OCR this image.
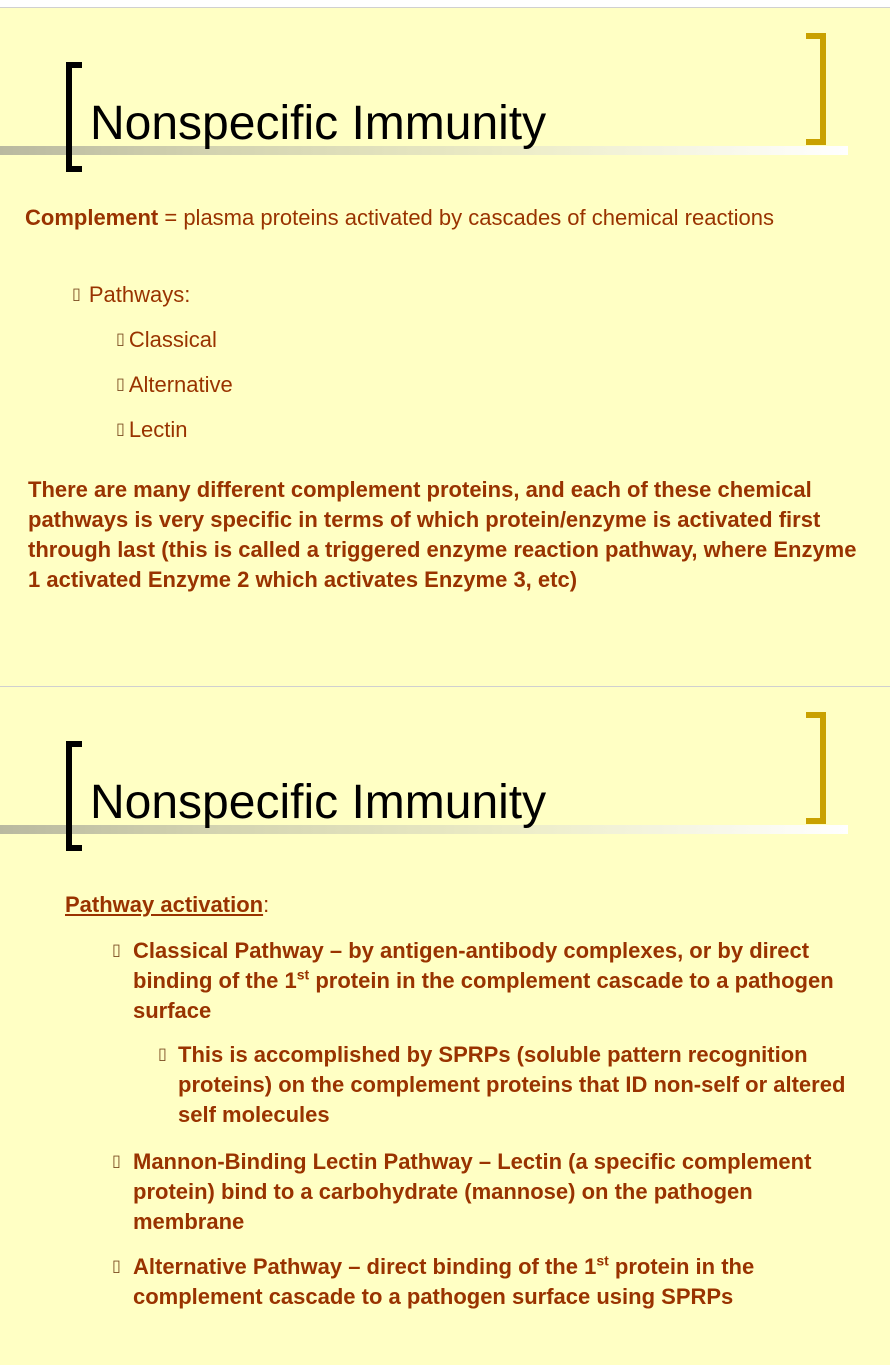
Nonspecific Immunity
Complement = plasma proteins activated by cascades of chemical reactions
▯ Pathways:
▯ Classical
▯ Alternative
▯ Lectin
There are many different complement proteins, and each of these chemical pathways is very specific in terms of which protein/enzyme is activated first through last (this is called a triggered enzyme reaction pathway, where Enzyme 1 activated Enzyme 2 which activates Enzyme 3, etc)
Nonspecific Immunity
Pathway activation:
▯ Classical Pathway – by antigen-antibody complexes, or by direct binding of the 1st protein in the complement cascade to a pathogen surface
▯ This is accomplished by SPRPs (soluble pattern recognition proteins) on the complement proteins that ID non-self or altered self molecules
▯ Mannon-Binding Lectin Pathway – Lectin (a specific complement protein) bind to a carbohydrate (mannose) on the pathogen membrane
▯ Alternative Pathway – direct binding of the 1st protein in the complement cascade to a pathogen surface using SPRPs
